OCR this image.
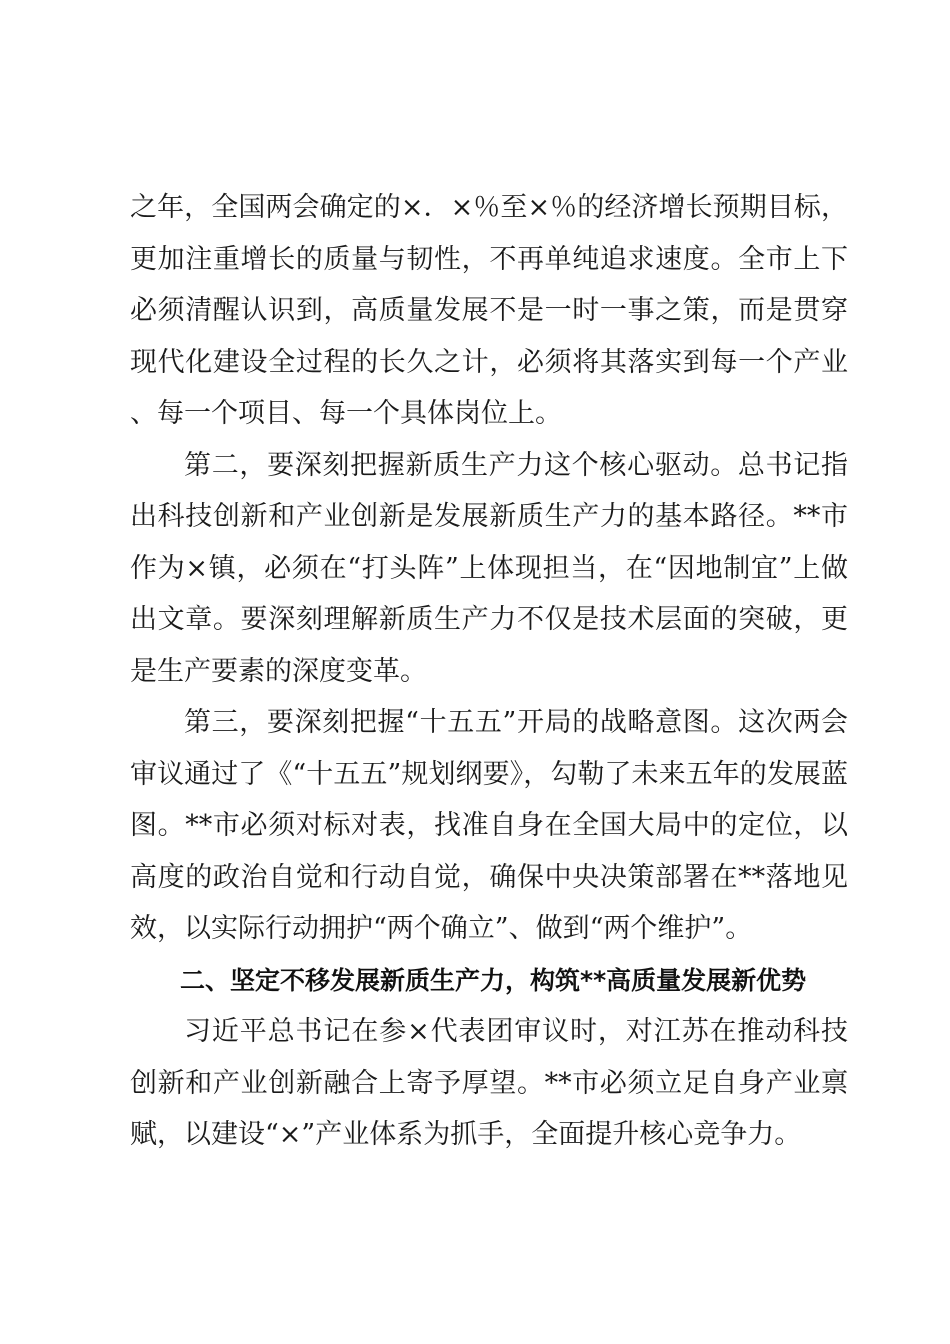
之年，全国两会确定的×．×％至×％的经济增长预期目标，更加注重增长的质量与韧性，不再单纯追求速度。全市上下必须清醒认识到，高质量发展不是一时一事之策，而是贯穿现代化建设全过程的长久之计，必须将其落实到每一个产业、每一个项目、每一个具体岗位上。

第二，要深刻把握新质生产力这个核心驱动。总书记指出科技创新和产业创新是发展新质生产力的基本路径。**市作为×镇，必须在“打头阵”上体现担当，在“因地制宜”上做出文章。要深刻理解新质生产力不仅是技术层面的突破，更是生产要素的深度变革。

第三，要深刻把握“十五五”开局的战略意图。这次两会审议通过了《“十五五”规划纲要》，勾勒了未来五年的发展蓝图。**市必须对标对表，找准自身在全国大局中的定位，以高度的政治自觉和行动自觉，确保中央决策部署在**落地见效，以实际行动拥护“两个确立”、做到“两个维护”。

二、坚定不移发展新质生产力，构筑**高质量发展新优势

习近平总书记在参×代表团审议时，对江苏在推动科技创新和产业创新融合上寄予厚望。**市必须立足自身产业禀赋，以建设“×”产业体系为抓手，全面提升核心竞争力。
